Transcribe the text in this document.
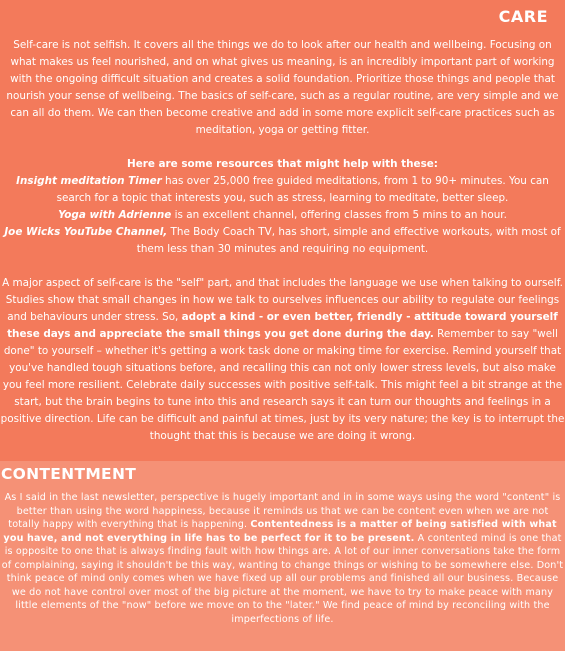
CARE

Self-care is not selfish. It covers all the things we do to look after our health and wellbeing. Focusing on what makes us feel nourished, and on what gives us meaning, is an incredibly important part of working with the ongoing difficult situation and creates a solid foundation. Prioritize those things and people that nourish your sense of wellbeing. The basics of self-care, such as a regular routine, are very simple and we can all do them. We can then become creative and add in some more explicit self-care practices such as meditation, yoga or getting fitter.

Here are some resources that might help with these:

Insight meditation Timer has over 25,000 free guided meditations, from 1 to 90+ minutes. You can search for a topic that interests you, such as stress, learning to meditate, better sleep.

Yoga with Adrienne is an excellent channel, offering classes from 5 mins to an hour.

Joe Wicks YouTube Channel, The Body Coach TV, has short, simple and effective workouts, with most of them less than 30 minutes and requiring no equipment.

A major aspect of self-care is the "self" part, and that includes the language we use when talking to ourself. Studies show that small changes in how we talk to ourselves influences our ability to regulate our feelings and behaviours under stress. So, adopt a kind - or even better, friendly - attitude toward yourself these days and appreciate the small things you get done during the day. Remember to say "well done" to yourself – whether it's getting a work task done or making time for exercise. Remind yourself that you've handled tough situations before, and recalling this can not only lower stress levels, but also make you feel more resilient. Celebrate daily successes with positive self-talk. This might feel a bit strange at the start, but the brain begins to tune into this and research says it can turn our thoughts and feelings in a positive direction. Life can be difficult and painful at times, just by its very nature; the key is to interrupt the thought that this is because we are doing it wrong.

CONTENTMENT

As I said in the last newsletter, perspective is hugely important and in in some ways using the word "content" is better than using the word happiness, because it reminds us that we can be content even when we are not totally happy with everything that is happening. Contentedness is a matter of being satisfied with what you have, and not everything in life has to be perfect for it to be present. A contented mind is one that is opposite to one that is always finding fault with how things are. A lot of our inner conversations take the form of complaining, saying it shouldn't be this way, wanting to change things or wishing to be somewhere else. Don't think peace of mind only comes when we have fixed up all our problems and finished all our business. Because we do not have control over most of the big picture at the moment, we have to try to make peace with many little elements of the "now" before we move on to the "later." We find peace of mind by reconciling with the imperfections of life.
